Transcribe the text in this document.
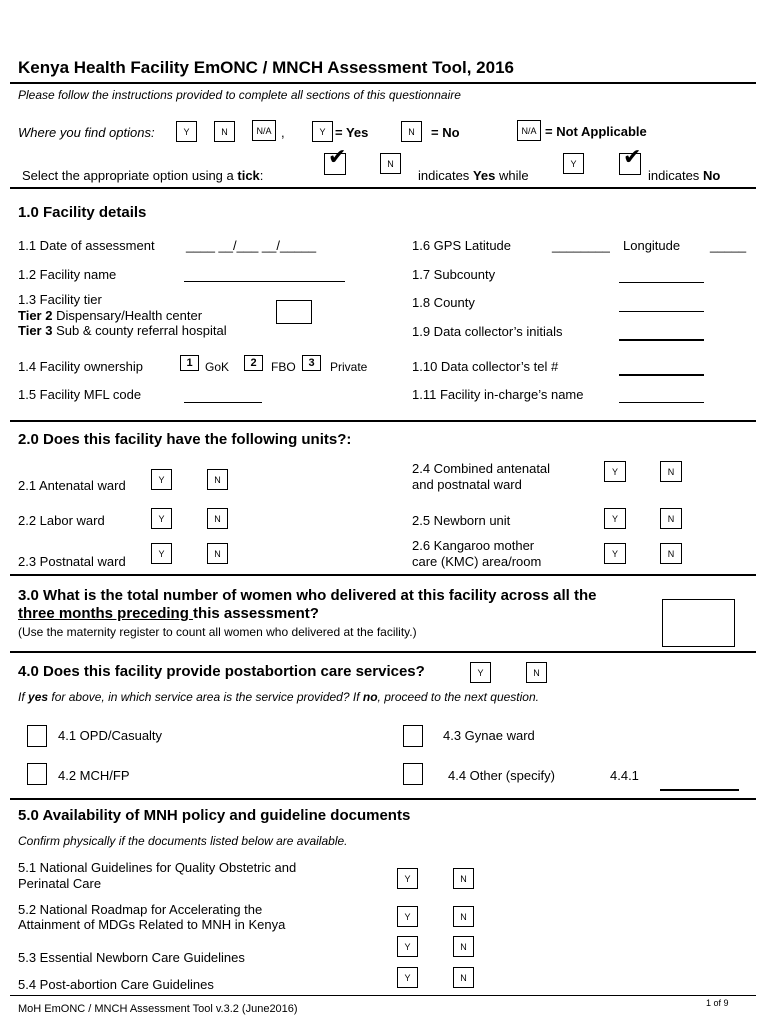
Kenya Health Facility EmONC / MNCH Assessment Tool, 2016
Please follow the instructions provided to complete all sections of this questionnaire
Where you find options:	Y	N	N/A ,	Y = Yes	N	= No	N/A = Not Applicable
Select the appropriate option using a tick:
✔	N
indicates Yes while
Y	✔
indicates No
1.0 Facility details
1.1 Date of assessment ____ __/___ __/_____
1.2 Facility name
1.3 Facility tier
Tier 2 Dispensary/Health center
Tier 3 Sub & county referral hospital
1.4 Facility ownership	1	GoK	2	FBO	3	Private
1.5 Facility MFL code
1.6 GPS Latitude	________ Longitude _____
1.7 Subcounty
1.8 County
1.9 Data collector’s initials
1.10 Data collector’s tel #
1.11 Facility in-charge’s name
2.0 Does this facility have the following units?:
2.1 Antenatal ward	Y	N
2.2 Labor ward	Y	N
2.3 Postnatal ward
Y	N
2.4 Combined antenatal
and postnatal ward
Y	N
2.5 Newborn unit	Y	N
2.6 Kangaroo mother
care (KMC) area/room
Y	N
3.0 What is the total number of women who delivered at this facility across all the
three months preceding this assessment?
(Use the maternity register to count all women who delivered at the facility.)
4.0 Does this facility provide postabortion care services?	Y	N
If yes for above, in which service area is the service provided? If no, proceed to the next question.
4.1 OPD/Casualty
4.2 MCH/FP
4.3 Gynae ward
4.4 Other (specify)	4.4.1
5.0 Availability of MNH policy and guideline documents
Confirm physically if the documents listed below are available.
5.1 National Guidelines for Quality Obstetric and
Perinatal Care	Y	N
5.2 National Roadmap for Accelerating the
Attainment of MDGs Related to MNH in Kenya
Y	N
5.3 Essential Newborn Care Guidelines
Y	N
5.4 Post-abortion Care Guidelines	Y	N
MoH EmONC / MNCH Assessment Tool v.3.2 (June2016)	1 of 9
